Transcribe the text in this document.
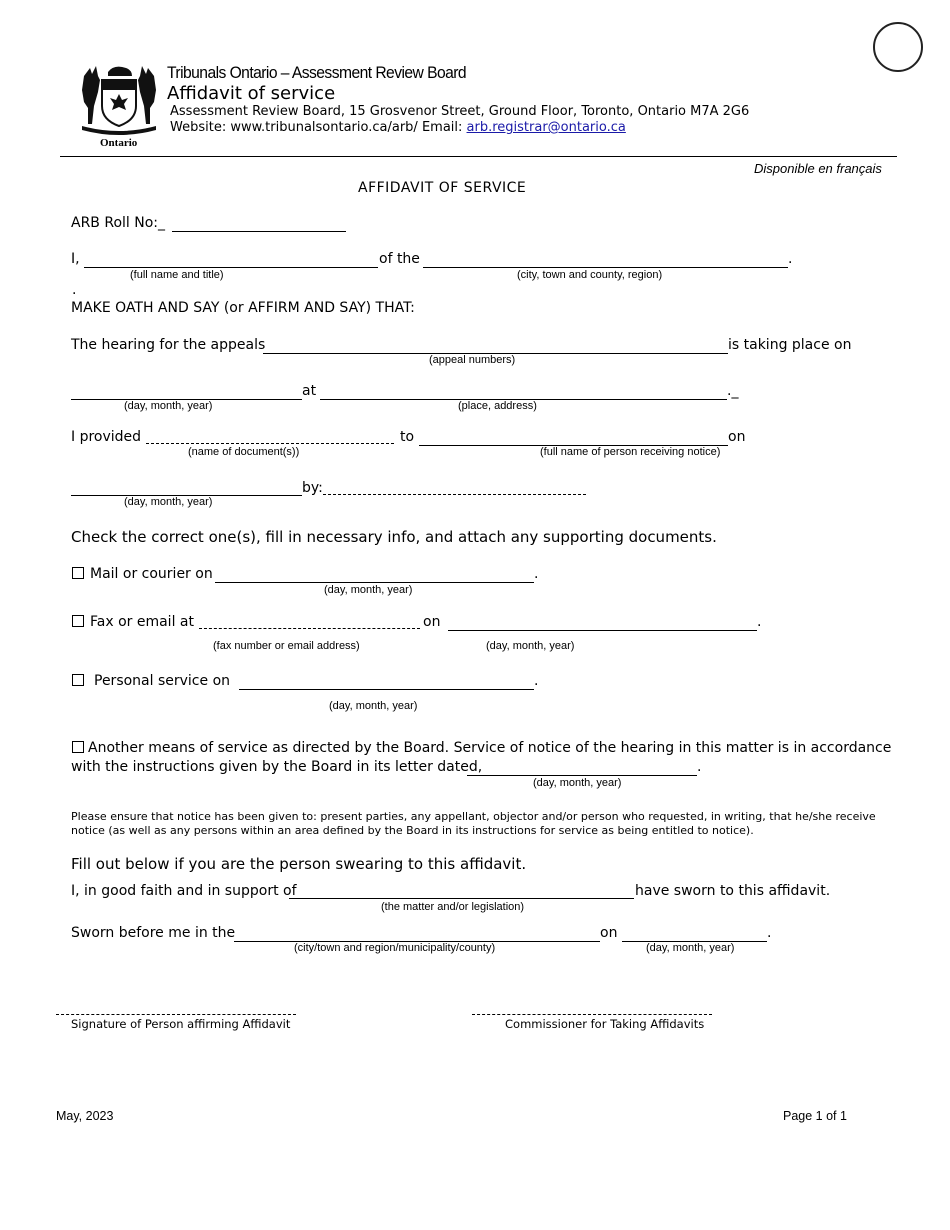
Ontario
Tribunals Ontario – Assessment Review Board
Affidavit of service
Assessment Review Board, 15 Grosvenor Street, Ground Floor, Toronto, Ontario M7A 2G6
Website: www.tribunalsontario.ca/arb/ Email: arb.registrar@ontario.ca
Disponible en français
AFFIDAVIT OF SERVICE
ARB Roll No:_
I,	of the	.
(full name and title)	(city, town and county, region)
.
MAKE OATH AND SAY (or AFFIRM AND SAY) THAT:
The hearing for the appeals	is taking place on
(appeal numbers)
at	._
(day, month, year)	(place, address)
I provided	to	on
(name of document(s))	(full name of person receiving notice)
by:
(day, month, year)
Check the correct one(s), fill in necessary info, and attach any supporting documents.
Mail or courier on	.
(day, month, year)
Fax or email at	on	.
(fax number or email address)	(day, month, year)
Personal service on	.
(day, month, year)
Another means of service as directed by the Board. Service of notice of the hearing in this matter is in accordance
with the instructions given by the Board in its letter dated,	.
(day, month, year)
Please ensure that notice has been given to: present parties, any appellant, objector and/or person who requested, in writing, that he/she receive
notice (as well as any persons within an area defined by the Board in its instructions for service as being entitled to notice).
Fill out below if you are the person swearing to this affidavit.
I, in good faith and in support of	have sworn to this affidavit.
(the matter and/or legislation)
Sworn before me in the	on	.
(city/town and region/municipality/county)	(day, month, year)
Signature of Person affirming Affidavit	Commissioner for Taking Affidavits
May, 2023	Page 1 of 1
